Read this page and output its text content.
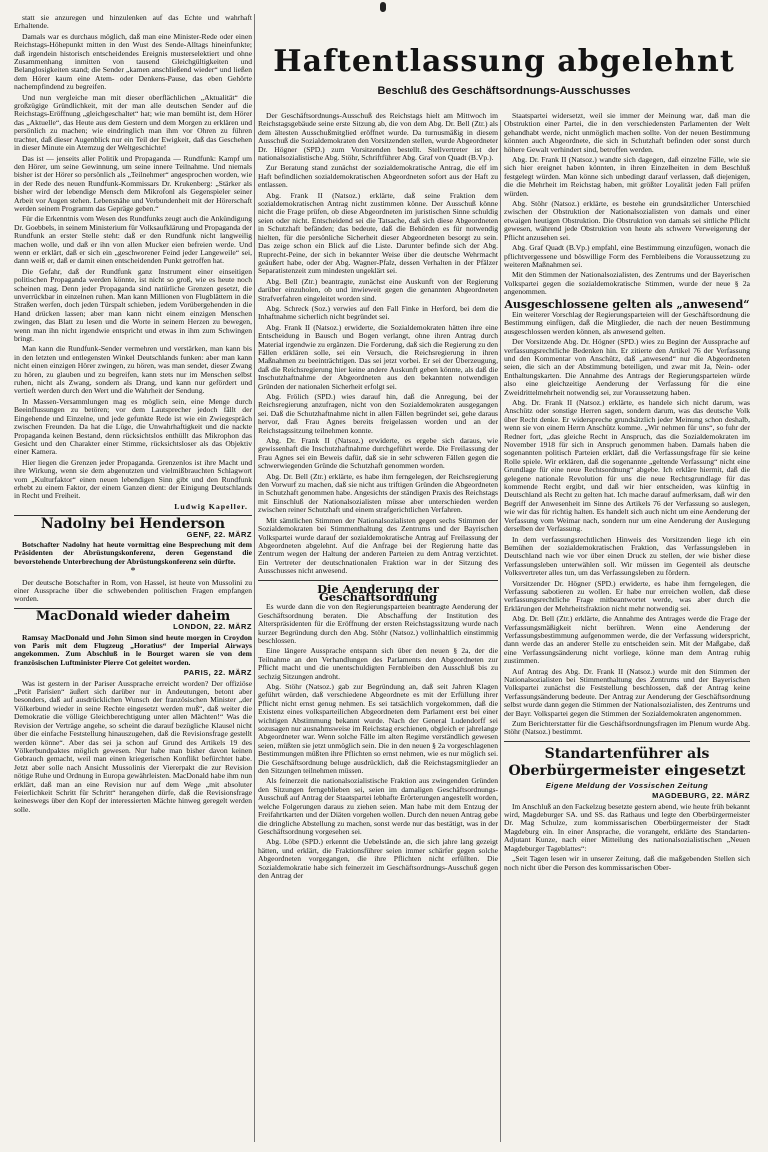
statt sie anzuregen und hinzulenken auf das Echte und wahrhaft Erhaltende.

Damals war es durchaus möglich, daß man eine Minister-Rede oder einen Reichstags-Höhepunkt mitten in den Wust des Sende-Alltags hineinfunkte; daß irgendein historisch entscheidendes Ereignis musterselektiert und ohne Zusammenhang inmitten von tausend Gleichgültigkeiten und Belanglosigkeiten stand; die Sender „kamen anschließend wieder“ und ließen dem Hörer kaum eine Atem- oder Denkens-Pause, das eben Gehörte nachempfindend zu begreifen.

Und nun vergleiche man mit dieser oberflächlichen „Aktualität“ die großzügige Gründlichkeit, mit der man alle deutschen Sender auf die Reichstags-Eröffnung „gleichgeschaltet“ hat; wie man bemüht ist, dem Hörer das „Aktuelle“, das Heute aus dem Gestern und dem Morgen zu erklären und persönlich zu machen; wie eindringlich man ihm vor Ohren zu führen trachtet, daß dieser Augenblick nur ein Teil der Ewigkeit, daß das Geschehen in dieser Minute ein Atemzug der Weltgeschichte!

Das ist — jenseits aller Politik und Propaganda — Rundfunk: Kampf um den Hörer, um seine Gewinnung, um seine innere Teilnahme. Und niemals bisher ist der Hörer so persönlich als „Teilnehmer“ angesprochen worden, wie in der Rede des neuen Rundfunk-Kommissars Dr. Krukenberg: „Stärker als bisher wird der lebendige Mensch dem Mikrofonl als Gegenspieler seiner Arbeit vor Augen stehen. Lebensnähe und Verbundenheit mit der Hörerschaft werden seinem Programm das Gepräge geben.“

Für die Erkenntnis vom Wesen des Rundfunks zeugt auch die Ankündigung Dr. Goebbels, in seinem Ministerium für Volksaufklärung und Propaganda der Rundfunk an erster Stelle steht: daß er den Rundfunk nicht langweilig machen wolle, und daß er ihn von allen Mucker eien befreien werde. Und wenn er erklärt, daß er sich ein „geschworener Feind jeder Langeweile“ sei, dann weiß er, daß er damit einen entscheidenden Punkt getroffen hat.

Die Gefahr, daß der Rundfunk ganz Instrument einer einseitigen politischen Propaganda werden könnte, ist nicht so groß, wie es heute noch scheinen mag. Denn jeder Propaganda sind natürliche Grenzen gesetzt, die unverrückbar in einzelnen ruhen. Man kann Millionen von Flugblättern in die Straßen werfen, doch jeden Türspalt schieben, jedem Vorübergehenden in die Hand drücken lassen; aber man kann nicht einem einzigen Menschen zwingen, das Blatt zu lesen und die Worte in seinem Herzen zu bewegen, wenn man ihn nicht irgendwie entspricht und etwas in ihm zum Schwingen bringt.

Man kann die Rundfunk-Sender vermehren und verstärken, man kann bis in den letzten und entlegensten Winkel Deutschlands funken: aber man kann nicht einen einzigen Hörer zwingen, zu hören, was man sendet, dieser Zwang zu hören, zu glauben und zu begreifen, kann stets nur im Menschen selbst ruhen, nicht als Zwang, sondern als Drang, und kann nur gefördert und vertieft werden durch den Wert und die Wahrheit der Sendung.

In Massen-Versammlungen mag es möglich sein, eine Menge durch Beeinflussungen zu betören; vor dem Lautsprecher jedoch fällt der Eingehende und Einzelne, und jede gefunkte Rede ist wie ein Zwiegespräch zwischen Freunden. Da hat die Lüge, die Unwahrhaftigkeit und die nackte Propaganda keinen Bestand, denn rücksichtslos enthüllt das Mikrophon das Gesicht und den Charakter einer Stimme, rücksichtsloser als das Objektiv einer Kamera.

Hier liegen die Grenzen jeder Propaganda. Grenzenlos ist ihre Macht und ihre Wirkung, wenn sie dem abgenutzten und vielmißbrauchten Schlagwort vom „Kulturfaktor“ einen neuen lebendigen Sinn gibt und den Rundfunk erhebt zu einem Faktor, der einem Ganzen dient: der Einigung Deutschlands in Recht und Freiheit.

Ludwig Kapeller.
Nadolny bei Henderson
GENF, 22. MÄRZ

Botschafter Nadolny hat heute vormittag eine Besprechung mit dem Präsidenten der Abrüstungskonferenz, deren Gegenstand die bevorstehende Unterbrechung der Abrüstungskonferenz sein dürfte.

*

Der deutsche Botschafter in Rom, von Hassel, ist heute von Mussolini zu einer Aussprache über die schwebenden politischen Fragen empfangen worden.

MacDonald wieder daheim
LONDON, 22. MÄRZ

Ramsay MacDonald und John Simon sind heute morgen in Croydon von Paris mit dem Flugzeug „Horatius“ der Imperial Airways angekommen. Zum Abschluß in le Bourget waren sie von dem französischen Luftminister Pierre Cot geleitet worden.

PARIS, 22. MÄRZ

Was ist gestern in der Pariser Aussprache erreicht worden? Der offiziöse „Petit Parisien“ äußert sich darüber nur in Andeutungen, betont aber besonders, daß auf ausdrücklichen Wunsch der französischen Minister „der Völkerbund wieder in seine Rechte eingesetzt werden muß“, daß weiter die Demokratie die völlige Gleichberechtigung unter allen Mächten!“ Was die Revision der Verträge angehe, so scheint die darauf bezügliche Klausel nicht über die einfache Feststellung hinauszugehen, daß die Revisionsfrage gestellt werden könne“. Aber das sei ja schon auf Grund des Artikels 19 des Völkerbundpaktes möglich gewesen. Nur habe man bisher davon keinen Gebrauch gemacht, weil man einen kriegerischen Konflikt befürchtet habe. Jetzt aber solle nach Ansicht Mussolinis der Viererpakt die zur Revision nötige Ruhe und Ordnung in Europa gewährleisten. MacDonald habe ihm nun erklärt, daß man an eine Revision nur auf dem Wege „mit absoluter Feierlichkeit Schritt für Schritt“ herangehen dürfe, daß die Revisionsfrage keineswegs über den Kopf der interessierten Mächte hinweg geregelt werden solle.

Haftentlassung abgelehnt
Beschluß des Geschäftsordnungs-Ausschusses

Der Geschäftsordnungs-Ausschuß des Reichstags hielt am Mittwoch im Reichstagsgebäude seine erste Sitzung ab, die von dem Abg. Dr. Bell (Ztr.) als dem ältesten Ausschußmitglied eröffnet wurde. Da turnusmäßig in diesem Ausschuß die Sozialdemokraten den Vorsitzenden stellen, wurde Abgeordneter Dr. Högner (SPD.) zum Vorsitzenden bestellt. Stellvertreter ist der nationalsozialistische Abg. Stöhr, Schriftführer Abg. Graf von Quadt (B.Vp.).

Zur Beratung stand zunächst der sozialdemokratische Antrag, die elf im Haft befindlichen sozialdemokratischen Abgeordneten sofort aus der Haft zu entlassen.

Abg. Frank II (Natsoz.) erklärte, daß seine Fraktion dem sozialdemokratischen Antrag nicht zustimmen könne. Der Ausschuß könne nicht die Frage prüfen, ob diese Abgeordneten im juristischen Sinne schuldig seien oder nicht. Entscheidend sei die Tatsache, daß sich diese Abgeordneten in Schutzhaft befänden; das bedeute, daß die Behörden es für notwendig hielten, für die persönliche Sicherheit dieser Abgeordneten besorgt zu sein. Das zeige schon ein Blick auf die Liste. Darunter befinde sich der Abg. Ruprecht-Peine, der sich in bekannter Weise über die deutsche Wehrmacht geäußert habe, oder der Abg. Wagner-Pfalz, dessen Verhalten in der Pfälzer Separatistenzeit zum mindesten ungeklärt sei.

Abg. Bell (Ztr.) beantragte, zunächst eine Auskunft von der Regierung darüber einzuholen, ob und inwieweit gegen die genannten Abgeordneten Strafverfahren eingeleitet worden sind.

Abg. Schreck (Soz.) verwies auf den Fall Finke in Herford, bei dem die Inhaftnahme sicherlich nicht begründet sei.

Abg. Frank II (Natsoz.) erwiderte, die Sozialdemokraten hätten ihre eine Entscheidung in Bausch und Bogen verlangt, ohne ihren Antrag durch Material irgendwie zu ergänzen. Die Forderung, daß sich die Regierung zu den Fällen erklären solle, sei ein Versuch, die Reichsregierung in ihren Maßnahmen zu beeinträchtigen. Das sei jetzt vorbei. Er sei der Überzeugung, daß die Reichsregierung hier keine andere Auskunft geben könnte, als daß die Inschutzhaftnahme der Abgeordneten aus den bekannten notwendigen Gründen der nationalen Sicherheit erfolgt sei.

Abg. Frölich (SPD.) wies darauf hin, daß die Anregung, bei der Reichsregierung anzufragen, nicht von den Sozialdemokraten ausgegangen sei. Daß die Schutzhaftnahme nicht in allen Fällen begründet sei, gehe daraus hervor, daß Frau Agnes bereits freigelassen worden und an der Reichstagssitzung teilnehmen konnte.

Abg. Dr. Frank II (Natsoz.) erwiderte, es ergebe sich daraus, wie gewissenhaft die Inschutzhaftnahme durchgeführt werde. Die Freilassung der Frau Agnes sei ein Beweis dafür, daß sie in sehr schweren Fällen gegen die schwerwiegenden Gründe die Schutzhaft genommen worden.

Abg. Dr. Bell (Ztr.) erklärte, es habe ihm ferngelegen, der Reichsregierung den Vorwurf zu machen, daß sie nicht aus triftigen Gründen die Abgeordneten in Schutzhaft genommen habe. Angesichts der ständigen Praxis des Reichstags mit Einschluß der Nationalsozialisten müsse aber unterschieden werden zwischen reiner Schutzhaft und einem strafgerichtlichen Verfahren.

Mit sämtlichen Stimmen der Nationalsozialisten gegen sechs Stimmen der Sozialdemokraten bei Stimmenthaltung des Zentrums und der Bayrischen Volkspartei wurde darauf der sozialdemokratische Antrag auf Freilassung der Abgeordneten abgelehnt. Auf die Anfrage bei der Regierung hatte das Zentrum wegen der Haltung der anderen Parteien zu dem Antrag verzichtet. Ein Vertreter der deutschnationalen Fraktion war in der Sitzung des Ausschusses nicht anwesend.

Die Aenderung der Geschäftsordnung

Es wurde dann die von den Regierungsparteien beantragte Aenderung der Geschäftsordnung beraten. Die Abschaffung der Institution des Alterspräsidenten für die Eröffnung der ersten Reichstagssitzung wurde nach kurzer Begründung durch den Abg. Stöhr (Natsoz.) vollinhaltlich einstimmig beschlossen.

Eine längere Aussprache entspann sich über den neuen § 2a, der die Teilnahme an den Verhandlungen des Parlaments den Abgeordneten zur Pflicht macht und die unentschuldigten Fernbleiben den Ausschluß bis zu sechzig Sitzungen androht.

Abg. Stöhr (Natsoz.) gab zur Begründung an, daß seit Jahren Klagen geführt würden, daß verschiedene Abgeordnete es mit der Erfüllung ihrer Pflicht nicht ernst genug nehmen. Es sei tatsächlich vorgekommen, daß die Existenz eines volksparteilichen Abgeordneten dem Parlament erst bei einer wichtigen Abstimmung bekannt wurde. Nach der General Ludendorff sei sozusagen nur ausnahmsweise im Reichstag erschienen, obgleich er jahrelange Abgeordneter war. Wenn solche Fälle im alten Regime verständlich gewesen seien, müßten sie jetzt unmöglich sein. Die in den neuen § 2a vorgeschlagenen Bestimmungen müßten ihre Pflichten so ernst nehmen, wie es nur möglich sei. Die Geschäftsordnung beluge ausdrücklich, daß die Reichstagsmitglieder an den Sitzungen teilnehmen müssen.

Als feinerzeit die nationalsozialistische Fraktion aus zwingenden Gründen den Sitzungen ferngeblieben sei, seien im damaligen Geschäftsordnungs-Ausschuß auf Antrag der Staatspartei lebhafte Erörterungen angestellt worden, welche Folgerungen daraus zu ziehen seien. Man habe mit dem Entzug der Freifahrtkarten und der Diäten vorgehen wollen. Durch den neuen Antrag gebe die dringliche Abstellung zu machen, sonst werde nur das bestätigt, was in der Geschäftsordnung vorgesehen sei.

Abg. Löbe (SPD.) erkennt die Uebelstände an, die sich jahre lang gezeigt hätten, und erklärt, die Fraktionsführer seien immer schärfer gegen solche Abgeordneten vorgegangen, die ihre Pflichten nicht erfüllten. Die Sozialdemokratie habe sich feinerzeit im Geschäftsordnungs-Ausschuß gegen den Antrag der

Staatspartei widersetzt, weil sie immer der Meinung war, daß man die Obstruktion einer Partei, die in den verschiedensten Parlamenten der Welt gehandhabt werde, nicht unmöglich machen sollte. Von der neuen Bestimmung könnten auch Abgeordnete, die sich in Schutzhaft befinden oder sonst durch höhere Gewalt verhindert sind, betroffen werden.

Abg. Dr. Frank II (Natsoz.) wandte sich dagegen, daß einzelne Fälle, wie sie sich hier ereignet haben könnten, in ihren Einzelheiten in dem Beschluß festgelegt würden. Man könne sich unbedingt darauf verlassen, daß diejenigen, die die Mehrheit im Reichstag haben, mit größter Loyalität jeden Fall prüfen würden.

Abg. Stöhr (Natsoz.) erklärte, es bestehe ein grundsätzlicher Unterschied zwischen der Obstruktion der Nationalsozialisten von damals und einer etwaigen heutigen Obstruktion. Die Obstruktion von damals sei sittliche Pflicht gewesen, während jede Obstruktion von heute als schwere Verweigerung der Pflicht anzusehen sei.

Abg. Graf Quadt (B.Vp.) empfahl, eine Bestimmung einzufügen, wonach die pflichtvergessene und böswillige Form des Fernbleibens die Voraussetzung zu weiteren Maßnahmen sei.

Mit den Stimmen der Nationalsozialisten, des Zentrums und der Bayerischen Volkspartei gegen die sozialdemokratische Stimmen, wurde der neue § 2a angenommen.

Ausgeschlossene gelten als „anwesend“

Ein weiterer Vorschlag der Regierungsparteien will der Geschäftsordnung die Bestimmung einfügen, daß die Mitglieder, die nach der neuen Bestimmung ausgeschlossen werden können, als anwesend gelten.

Der Vorsitzende Abg. Dr. Högner (SPD.) wies zu Beginn der Aussprache auf verfassungsrechtliche Bedenken hin. Er zitierte den Artikel 76 der Verfassung und den Kommentar von Anschütz, daß „anwesend“ nur die Abgeordneten seien, die sich an der Abstimmung beteiligen, und zwar mit Ja, Nein- oder Enthaltungskarten. Die Annahme des Antrags der Regierungsparteien würde also eine gleichzeitige Aenderung der Verfassung für die eine Zweidrittelmehrheit notwendig sei, zur Voraussetzung haben.

Abg. Dr. Frank II (Natsoz.) erklärte, es handele sich nicht darum, was Anschütz oder sonstige Herren sagen, sondern darum, was das deutsche Volk über Recht denke. Er widerspreche grundsätzlich jeder Meinung schon deshalb, wenn sie von einem Herrn Anschütz komme. „Wir nehmen für uns“, so fuhr der Redner fort, „das gleiche Recht in Anspruch, das die Sozialdemokraten im November 1918 für sich in Anspruch genommen haben. Damals haben die sogenannten politisch Parteien erklärt, daß die Verfassungsfrage für sie keine Rolle spiele. Wir erklären, daß die sogenannte „geltende Verfassung“ nicht eine Grundlage für eine neue Rechtsordnung“ abgebe. Ich erkläre hiermit, daß die gelegene nationale Revolution für uns die neue Rechtsgrundlage für das kommende Recht ergibt, und daß wir hier entscheiden, was künftig in Deutschland als Recht zu gelten hat. Ich mache darauf aufmerksam, daß wir den Begriff der Anwesenheit im Sinne des Artikels 76 der Verfassung so auslegen, wie wir das für richtig halten. Es handelt sich auch nicht um eine Aenderung der Verfassung vom Weimar nach, sondern nur um eine Aenderung der Auslegung derselben der Verfassung.

In dem verfassungsrechtlichen Hinweis des Vorsitzenden liege ich ein Bemühen der sozialdemokratischen Fraktion, das Verfassungsleben in Deutschland nach wie vor über einen Druck zu stellen, der wie bisher diese Verfassungsleben unterwählen soll. Wir müssen im Gegenteil als deutsche Volksvertreter alles tun, um das Verfassungsleben zu fördern.

Vorsitzender Dr. Högner (SPD.) erwiderte, es habe ihm ferngelegen, die Verfassung sabotieren zu wollen. Er habe nur erreichen wollen, daß diese verfassungsrechtliche Frage mitbeantwortet werde, was aber durch die Erklärungen der Mehrheitsfraktion nicht mehr notwendig sei.

Abg. Dr. Bell (Ztr.) erklärte, die Annahme des Antrages werde die Frage der Verfassungsmäßigkeit nicht berühren. Wenn eine Aenderung der Verfassungsbestimmung aufgenommen werde, die der Verfassung widerspricht, dann werde das an anderer Stelle zu entscheiden sein. Mit der Maßgabe, daß eine Verfassungsänderung nicht vorliege, könne man dem Antrag ruhig zustimmen.

Auf Antrag des Abg. Dr. Frank II (Natsoz.) wurde mit den Stimmen der Nationalsozialisten bei Stimmenthaltung des Zentrums und der Bayerischen Volkspartei zunächst die Feststellung beschlossen, daß der Antrag keine Verfassungsänderung bedeute. Der Antrag zur Aenderung der Geschäftsordnung selbst wurde dann gegen die Stimmen der Nationalsozialisten, des Zentrums und der Bayr. Volkspartei gegen die Stimmen der Sozialdemokraten angenommen.

Zum Berichterstatter für die Geschäftsordnungsfragen im Plenum wurde Abg. Stöhr (Natsoz.) bestimmt.

Standartenführer als Oberbürgermeister eingesetzt
Eigene Meldung der Vossischen Zeitung
MAGDEBURG, 22. MÄRZ

Im Anschluß an den Fackelzug besetzte gestern abend, wie heute früh bekannt wird, Magdeburger SA. und SS. das Rathaus und legte den Oberbürgermeister Dr. Mag Schulze, zum kommissarischen Oberbürgermeister der Stadt Magdeburg ein. In einer Ansprache, die vorangeht, erklärte des Standarten-Adjutant Kunze, nach einer Mitteilung des nationalsozialistischen „Neuen Magdeburger Tageblattes“:

„Seit Tagen lesen wir in unserer Zeitung, daß die maßgebenden Stellen sich noch nicht über die Person des kommissarischen Ober-
